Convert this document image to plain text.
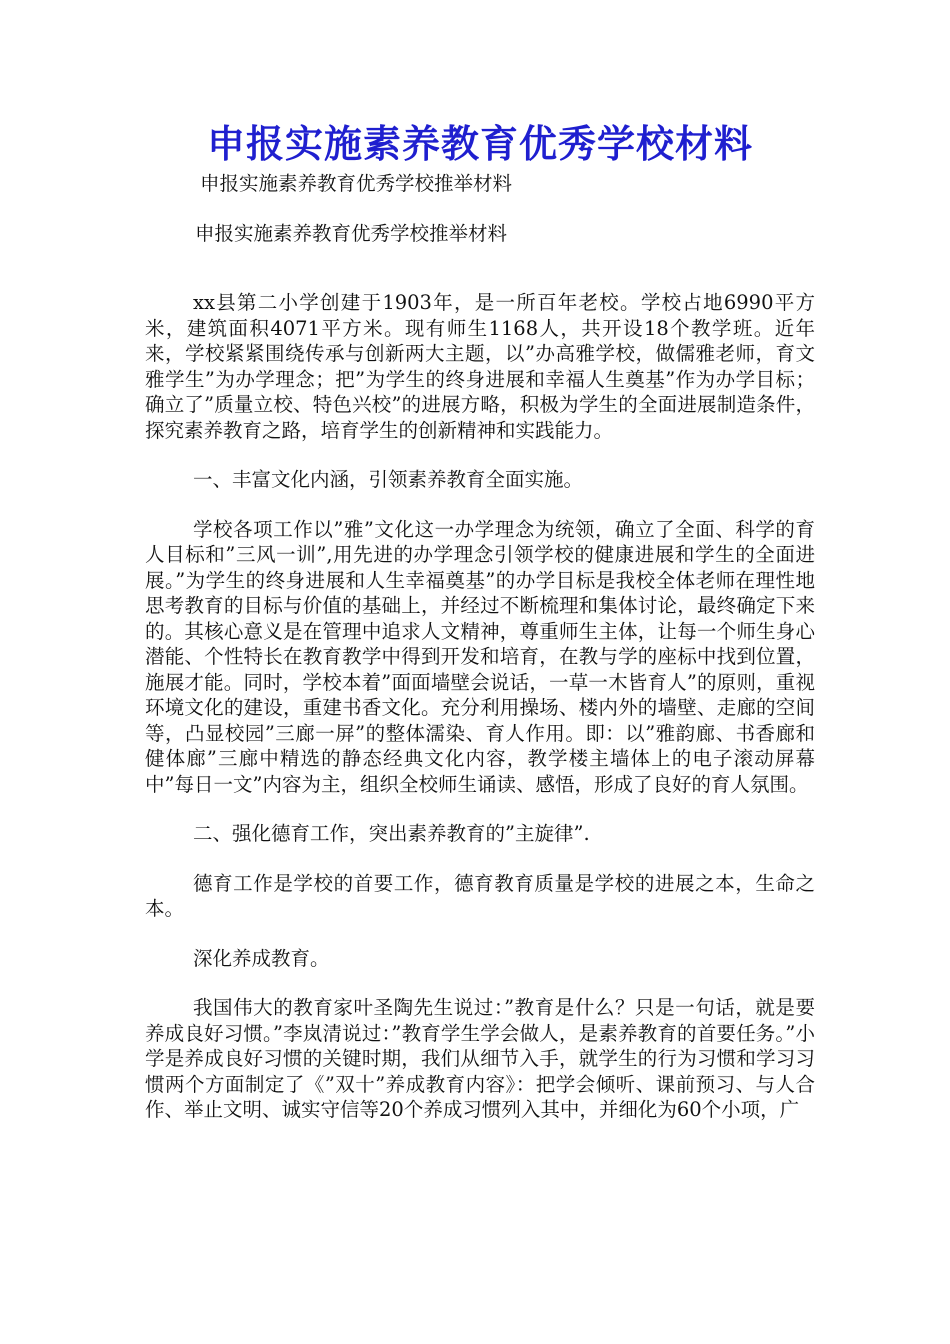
申报实施素养教育优秀学校材料
申报实施素养教育优秀学校推举材料
申报实施素养教育优秀学校推举材料

xx县第二小学创建于1903年，是一所百年老校。学校占地6990平方米，建筑面积4071平方米。现有师生1168人，共开设18个教学班。近年来，学校紧紧围绕传承与创新两大主题，以”办高雅学校，做儒雅老师，育文雅学生”为办学理念；把”为学生的终身进展和幸福人生奠基”作为办学目标；确立了”质量立校、特色兴校”的进展方略，积极为学生的全面进展制造条件，探究素养教育之路，培育学生的创新精神和实践能力。

一、丰富文化内涵，引领素养教育全面实施。

学校各项工作以”雅”文化这一办学理念为统领，确立了全面、科学的育人目标和”三风一训”,用先进的办学理念引领学校的健康进展和学生的全面进展。”为学生的终身进展和人生幸福奠基”的办学目标是我校全体老师在理性地思考教育的目标与价值的基础上，并经过不断梳理和集体讨论，最终确定下来的。其核心意义是在管理中追求人文精神，尊重师生主体，让每一个师生身心潜能、个性特长在教育教学中得到开发和培育，在教与学的座标中找到位置，施展才能。同时，学校本着”面面墙壁会说话，一草一木皆育人”的原则，重视环境文化的建设，重建书香文化。充分利用操场、楼内外的墙壁、走廊的空间等，凸显校园”三廊一屏”的整体濡染、育人作用。即：以”雅韵廊、书香廊和健体廊”三廊中精选的静态经典文化内容，教学楼主墙体上的电子滚动屏幕中”每日一文”内容为主，组织全校师生诵读、感悟，形成了良好的育人氛围。

二、强化德育工作，突出素养教育的”主旋律”.

德育工作是学校的首要工作，德育教育质量是学校的进展之本，生命之本。

深化养成教育。

我国伟大的教育家叶圣陶先生说过：”教育是什么？只是一句话，就是要养成良好习惯。”李岚清说过：”教育学生学会做人，是素养教育的首要任务。”小学是养成良好习惯的关键时期，我们从细节入手，就学生的行为习惯和学习习惯两个方面制定了《”双十”养成教育内容》：把学会倾听、课前预习、与人合作、举止文明、诚实守信等20个养成习惯列入其中，并细化为60个小项，广
